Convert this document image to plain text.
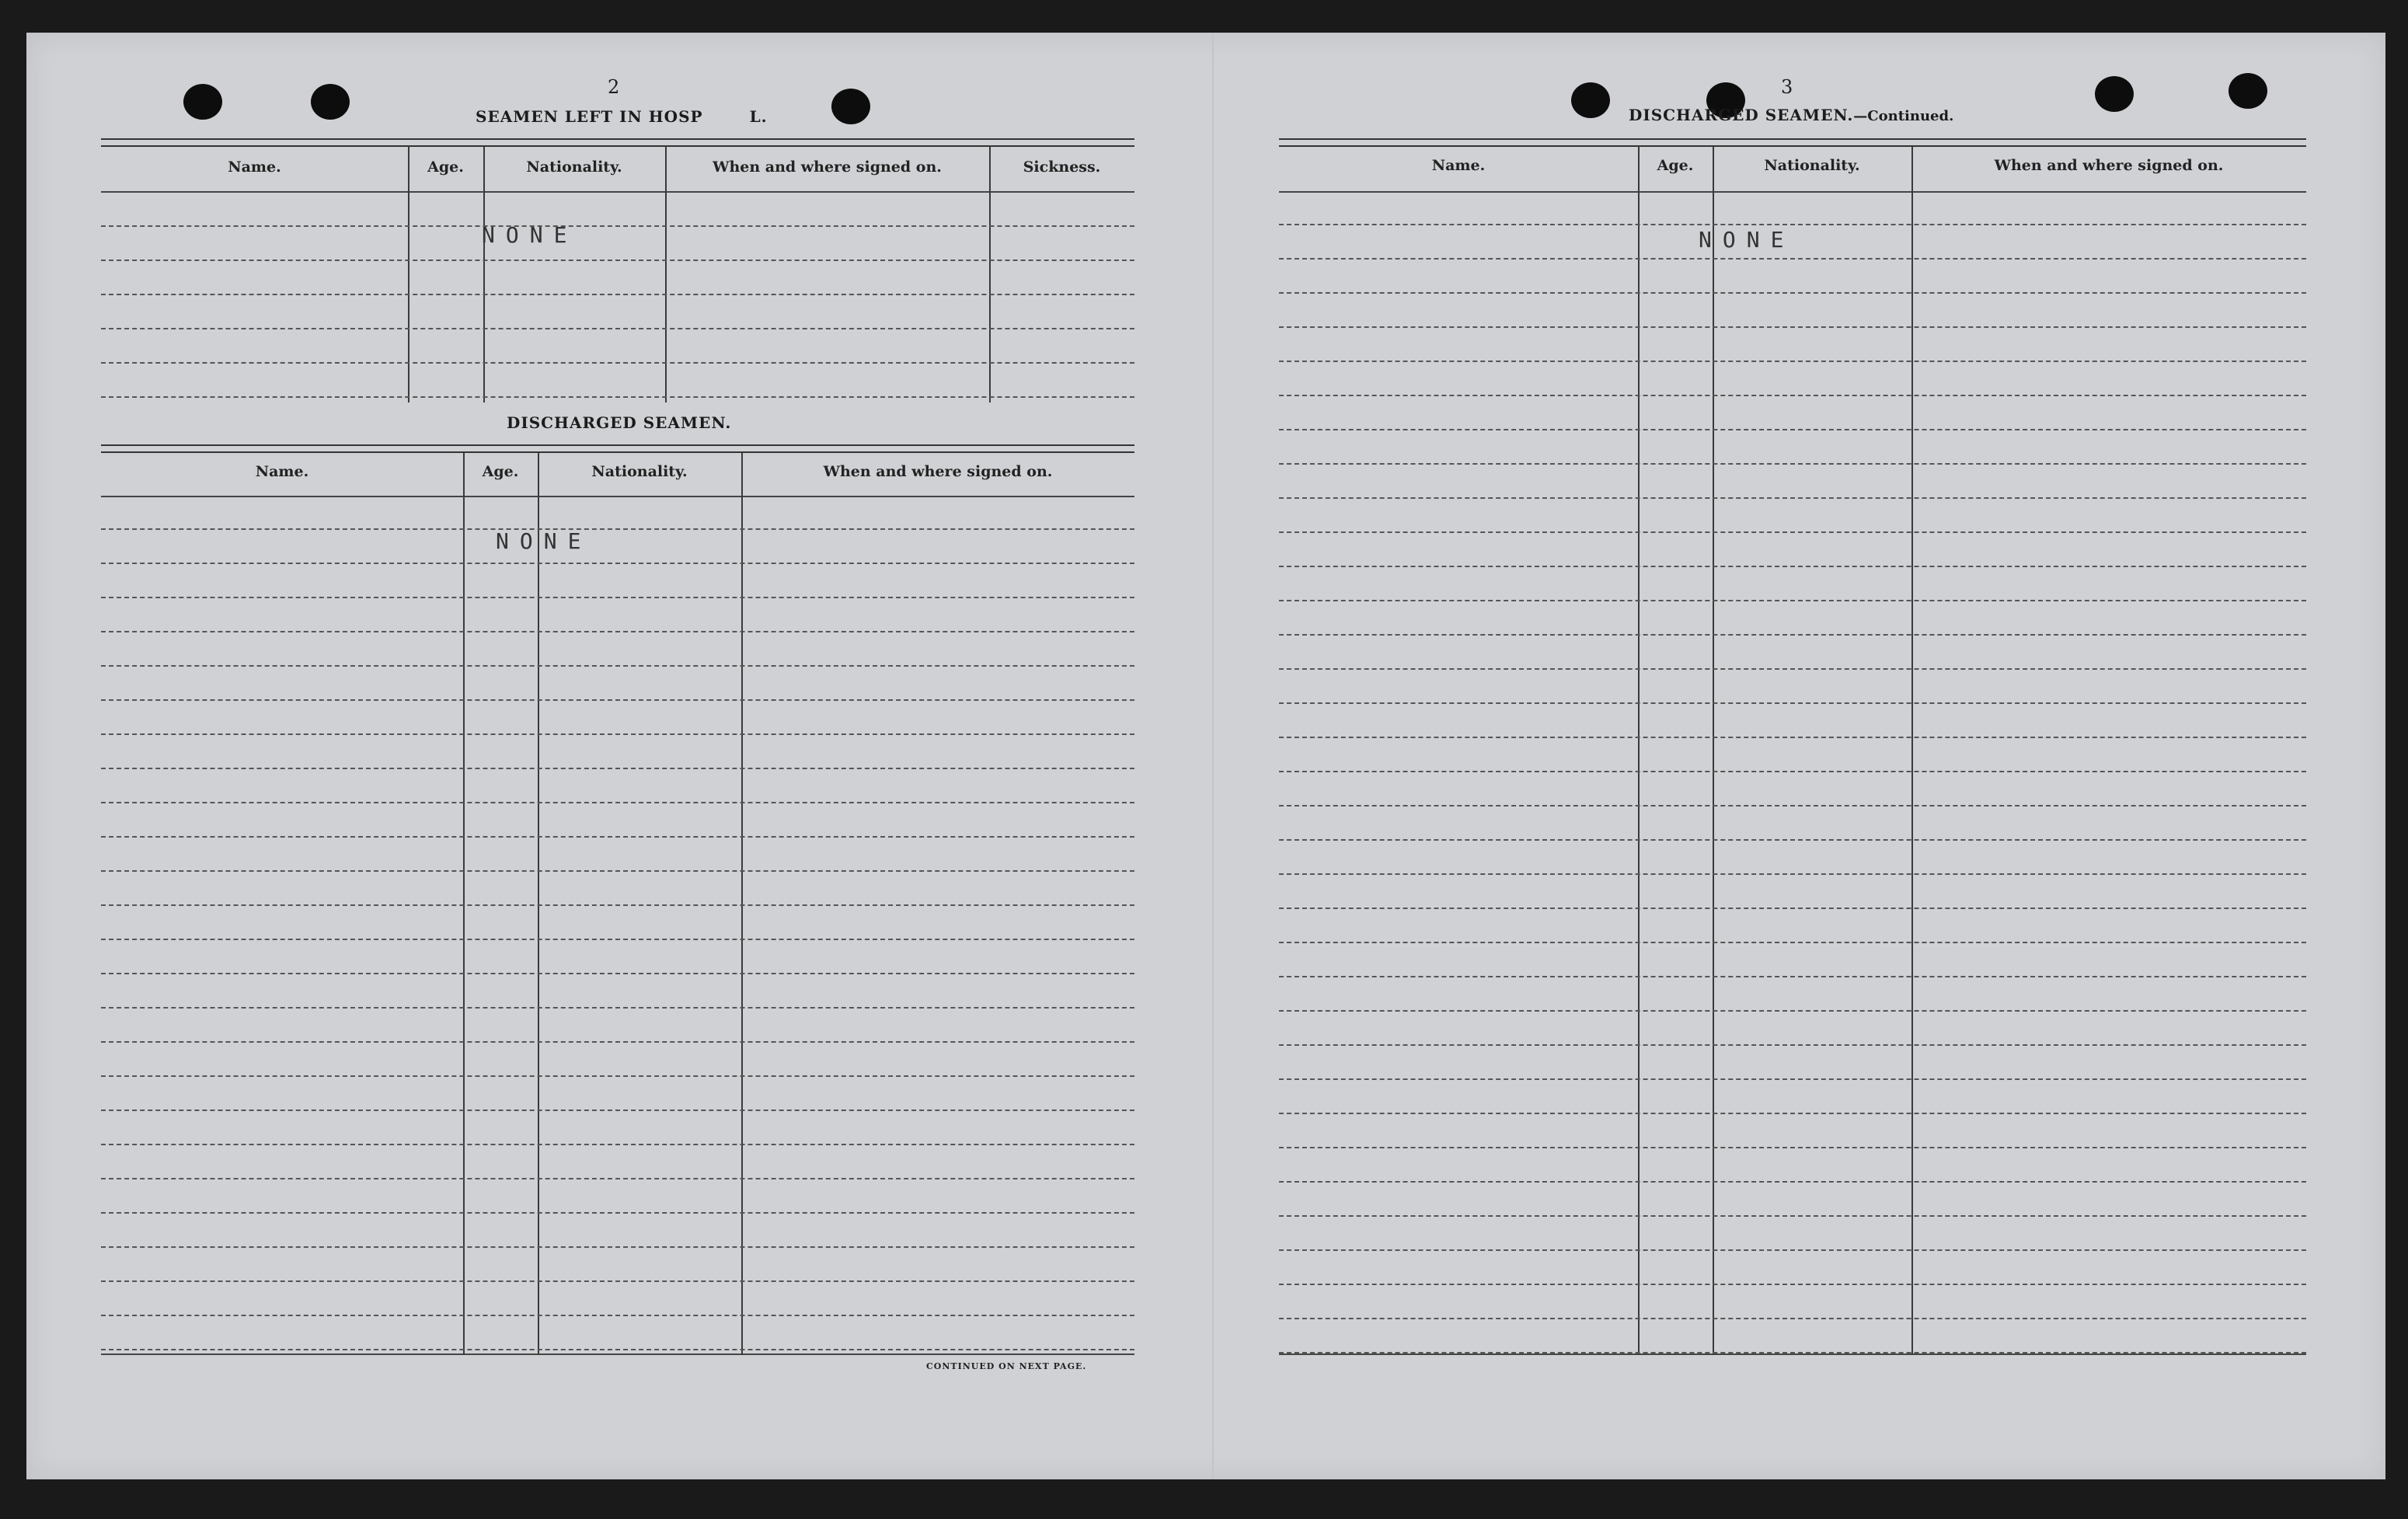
2
SEAMEN LEFT IN HOSP	L.
Name.	Age.	Nationality.	When and where signed on.	Sickness.
NONE
DISCHARGED SEAMEN.
Name.	Age.	Nationality.	When and where signed on.
NONE
CONTINUED ON NEXT PAGE.
3
DISCHARGED SEAMEN.—Continued.
Name.	Age.	Nationality.	When and where signed on.
NONE
